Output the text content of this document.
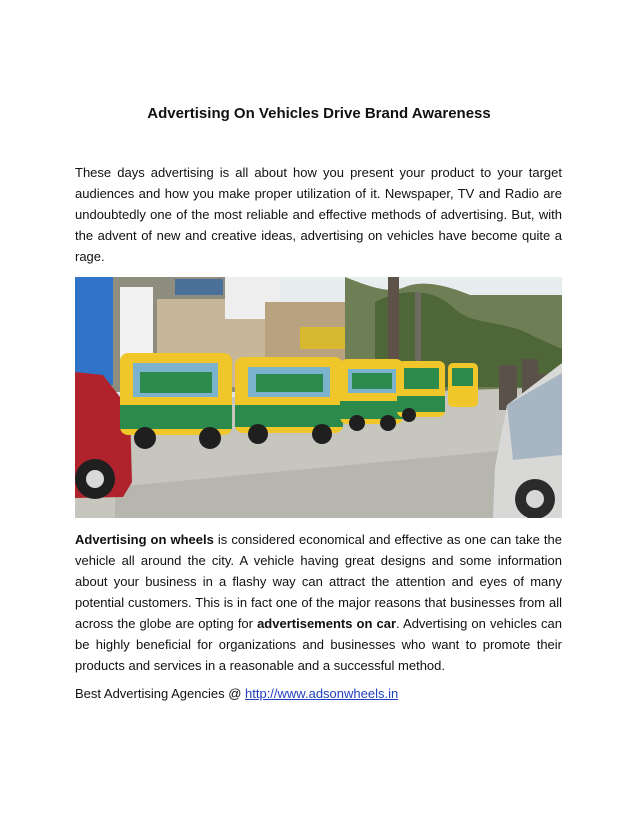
Advertising On Vehicles Drive Brand Awareness
These days advertising is all about how you present your product to your target audiences and how you make proper utilization of it. Newspaper, TV and Radio are undoubtedly one of the most reliable and effective methods of advertising. But, with the advent of new and creative ideas, advertising on vehicles have become quite a rage.
Advertising on wheels is considered economical and effective as one can take the vehicle all around the city. A vehicle having great designs and some information about your business in a flashy way can attract the attention and eyes of many potential customers. This is in fact one of the major reasons that businesses from all across the globe are opting for advertisements on car. Advertising on vehicles can be highly beneficial for organizations and businesses who want to promote their products and services in a reasonable and a successful method.
Best Advertising Agencies @ http://www.adsonwheels.in
